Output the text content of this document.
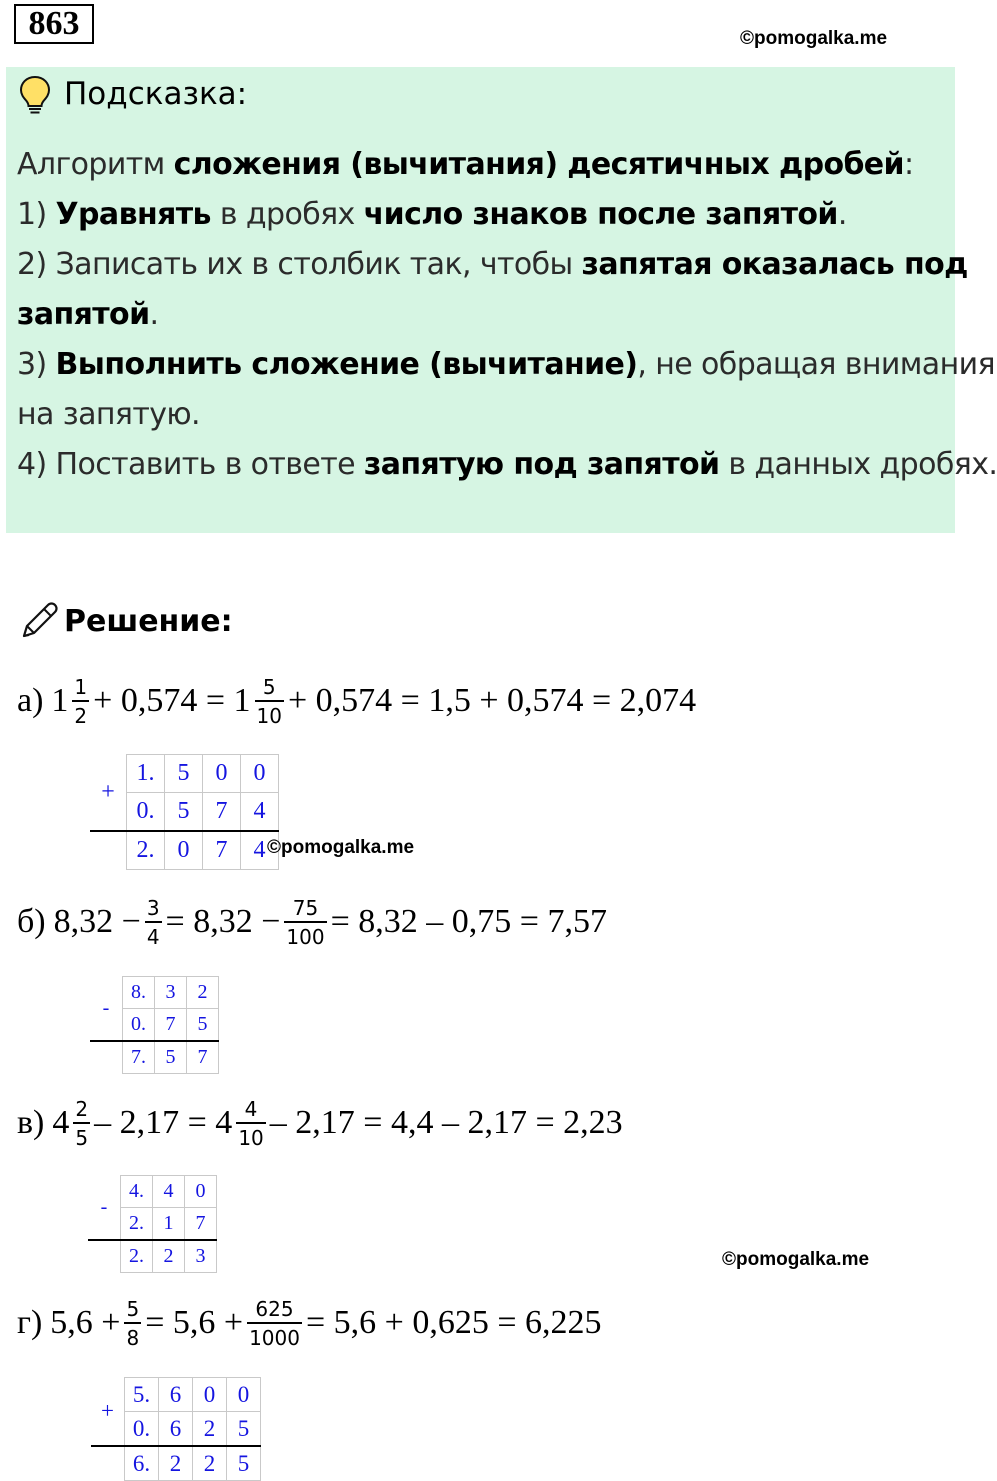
863	©pomogalka.me
Подсказка:
Алгоритм сложения (вычитания) десятичных дробей:
1) Уравнять в дробях число знаков после запятой.
2) Записать их в столбик так, чтобы запятая оказалась под
запятой.
3) Выполнить сложение (вычитание), не обращая внимания
на запятую.
4) Поставить в ответе запятую под запятой в данных дробях.
Решение:
а) $1 \frac{1}{2} + 0,574 = 1 \frac{5}{10} + 0,574 = 1,5 + 0,574 = 2,074$
+	1.	5	0	0
	0.	5	7	4
	2.	0	7	4
б) $8,32 - \frac{3}{4} = 8,32 - \frac{75}{100} = 8,32 - 0,75 = 7,57$
-	8.	3	2
	0.	7	5
	7.	5	7
в) $4 \frac{2}{5} - 2,17 = 4 \frac{4}{10} - 2,17 = 4,4 - 2,17 = 2,23$
-	4.	4	0
	2.	1	7
	2.	2	3
г) $5,6 + \frac{5}{8} = 5,6 + \frac{625}{1000} = 5,6 + 0,625 = 6,225$
+	5.	6	0	0
	0.	6	2	5
	6.	2	2	5
©pomogalka.me
©pomogalka.me
